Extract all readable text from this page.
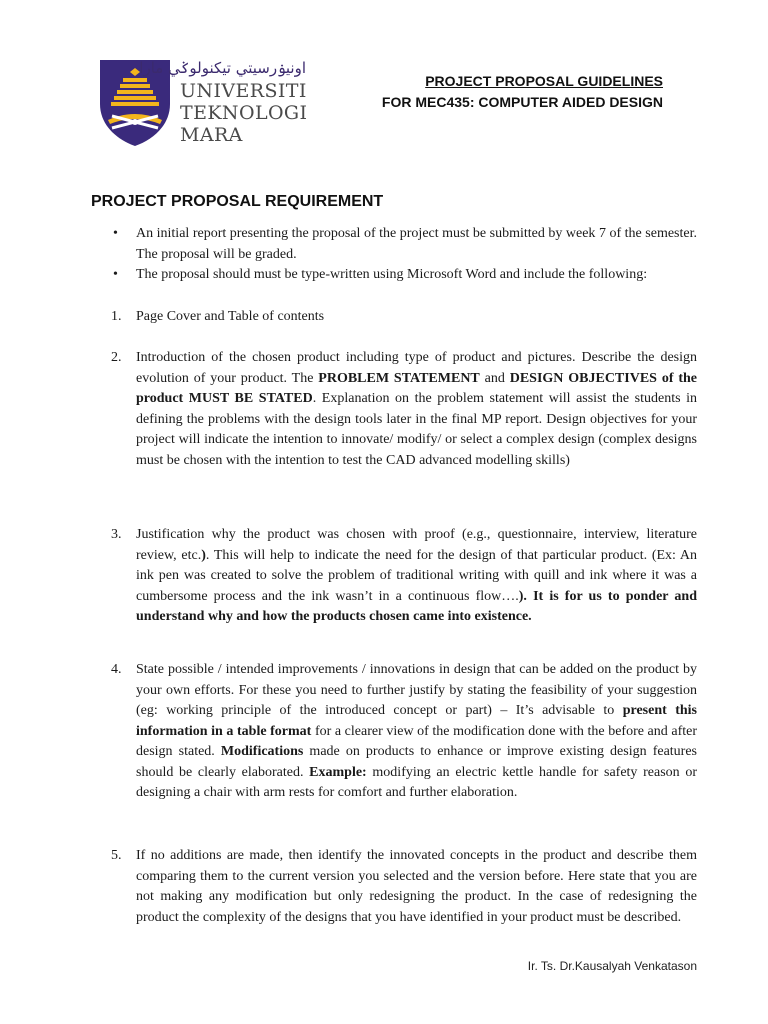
اونيۏرسيتي تيکنولوݢي مارا
UNIVERSITI
TEKNOLOGI
MARA
PROJECT PROPOSAL GUIDELINES
FOR MEC435: COMPUTER AIDED DESIGN
PROJECT PROPOSAL REQUIREMENT
• An initial report presenting the proposal of the project must be submitted by week 7 of the semester. The proposal will be graded.
• The proposal should must be type-written using Microsoft Word and include the following:
1. Page Cover and Table of contents
2. Introduction of the chosen product including type of product and pictures. Describe the design evolution of your product. The PROBLEM STATEMENT and DESIGN OBJECTIVES of the product MUST BE STATED. Explanation on the problem statement will assist the students in defining the problems with the design tools later in the final MP report. Design objectives for your project will indicate the intention to innovate/ modify/ or select a complex design (complex designs must be chosen with the intention to test the CAD advanced modelling skills)
3. Justification why the product was chosen with proof (e.g., questionnaire, interview, literature review, etc.). This will help to indicate the need for the design of that particular product. (Ex: An ink pen was created to solve the problem of traditional writing with quill and ink where it was a cumbersome process and the ink wasn’t in a continuous flow….). It is for us to ponder and understand why and how the products chosen came into existence.
4. State possible / intended improvements / innovations in design that can be added on the product by your own efforts. For these you need to further justify by stating the feasibility of your suggestion (eg: working principle of the introduced concept or part) – It’s advisable to present this information in a table format for a clearer view of the modification done with the before and after design stated. Modifications made on products to enhance or improve existing design features should be clearly elaborated. Example: modifying an electric kettle handle for safety reason or designing a chair with arm rests for comfort and further elaboration.
5. If no additions are made, then identify the innovated concepts in the product and describe them comparing them to the current version you selected and the version before. Here state that you are not making any modification but only redesigning the product. In the case of redesigning the product the complexity of the designs that you have identified in your product must be described.
Ir. Ts. Dr.Kausalyah Venkatason
